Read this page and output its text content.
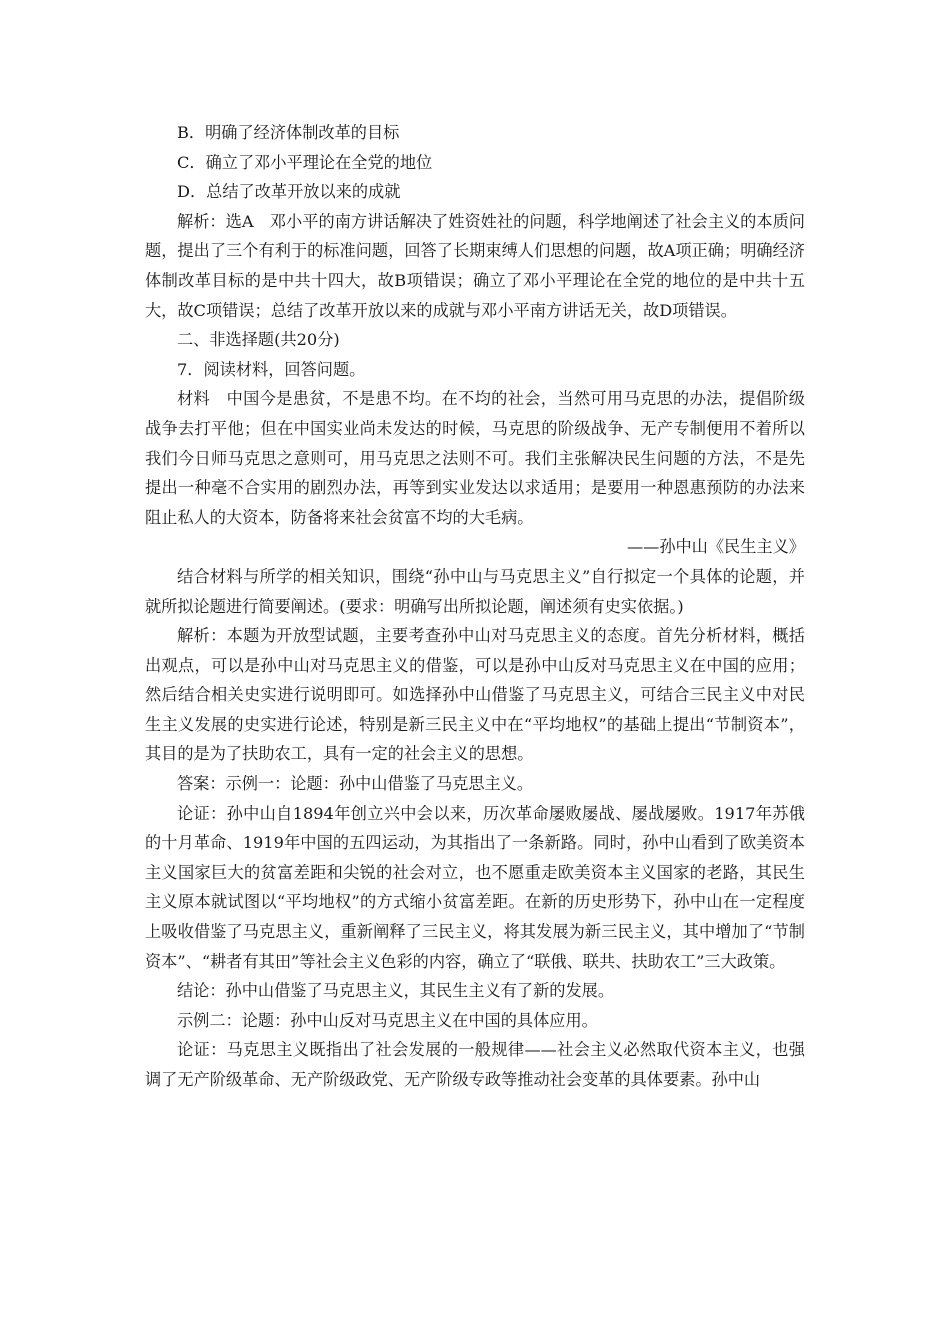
B．明确了经济体制改革的目标
C．确立了邓小平理论在全党的地位
D．总结了改革开放以来的成就
解析：选A　邓小平的南方讲话解决了姓资姓社的问题，科学地阐述了社会主义的本质问题，提出了三个有利于的标准问题，回答了长期束缚人们思想的问题，故A项正确；明确经济体制改革目标的是中共十四大，故B项错误；确立了邓小平理论在全党的地位的是中共十五大，故C项错误；总结了改革开放以来的成就与邓小平南方讲话无关，故D项错误。
二、非选择题(共20分)
7．阅读材料，回答问题。
材料　中国今是患贫，不是患不均。在不均的社会，当然可用马克思的办法，提倡阶级战争去打平他；但在中国实业尚未发达的时候，马克思的阶级战争、无产专制便用不着所以我们今日师马克思之意则可，用马克思之法则不可。我们主张解决民生问题的方法，不是先提出一种毫不合实用的剧烈办法，再等到实业发达以求适用；是要用一种恩惠预防的办法来阻止私人的大资本，防备将来社会贫富不均的大毛病。
——孙中山《民生主义》
结合材料与所学的相关知识，围绕“孙中山与马克思主义”自行拟定一个具体的论题，并就所拟论题进行简要阐述。(要求：明确写出所拟论题，阐述须有史实依据。)
解析：本题为开放型试题，主要考查孙中山对马克思主义的态度。首先分析材料，概括出观点，可以是孙中山对马克思主义的借鉴，可以是孙中山反对马克思主义在中国的应用；然后结合相关史实进行说明即可。如选择孙中山借鉴了马克思主义，可结合三民主义中对民生主义发展的史实进行论述，特别是新三民主义中在“平均地权”的基础上提出“节制资本”，其目的是为了扶助农工，具有一定的社会主义的思想。
答案：示例一：论题：孙中山借鉴了马克思主义。
论证：孙中山自1894年创立兴中会以来，历次革命屡败屡战、屡战屡败。1917年苏俄的十月革命、1919年中国的五四运动，为其指出了一条新路。同时，孙中山看到了欧美资本主义国家巨大的贫富差距和尖锐的社会对立，也不愿重走欧美资本主义国家的老路，其民生主义原本就试图以“平均地权”的方式缩小贫富差距。在新的历史形势下，孙中山在一定程度上吸收借鉴了马克思主义，重新阐释了三民主义，将其发展为新三民主义，其中增加了“节制资本”、“耕者有其田”等社会主义色彩的内容，确立了“联俄、联共、扶助农工”三大政策。
结论：孙中山借鉴了马克思主义，其民生主义有了新的发展。
示例二：论题：孙中山反对马克思主义在中国的具体应用。
论证：马克思主义既指出了社会发展的一般规律——社会主义必然取代资本主义，也强调了无产阶级革命、无产阶级政党、无产阶级专政等推动社会变革的具体要素。孙中山
